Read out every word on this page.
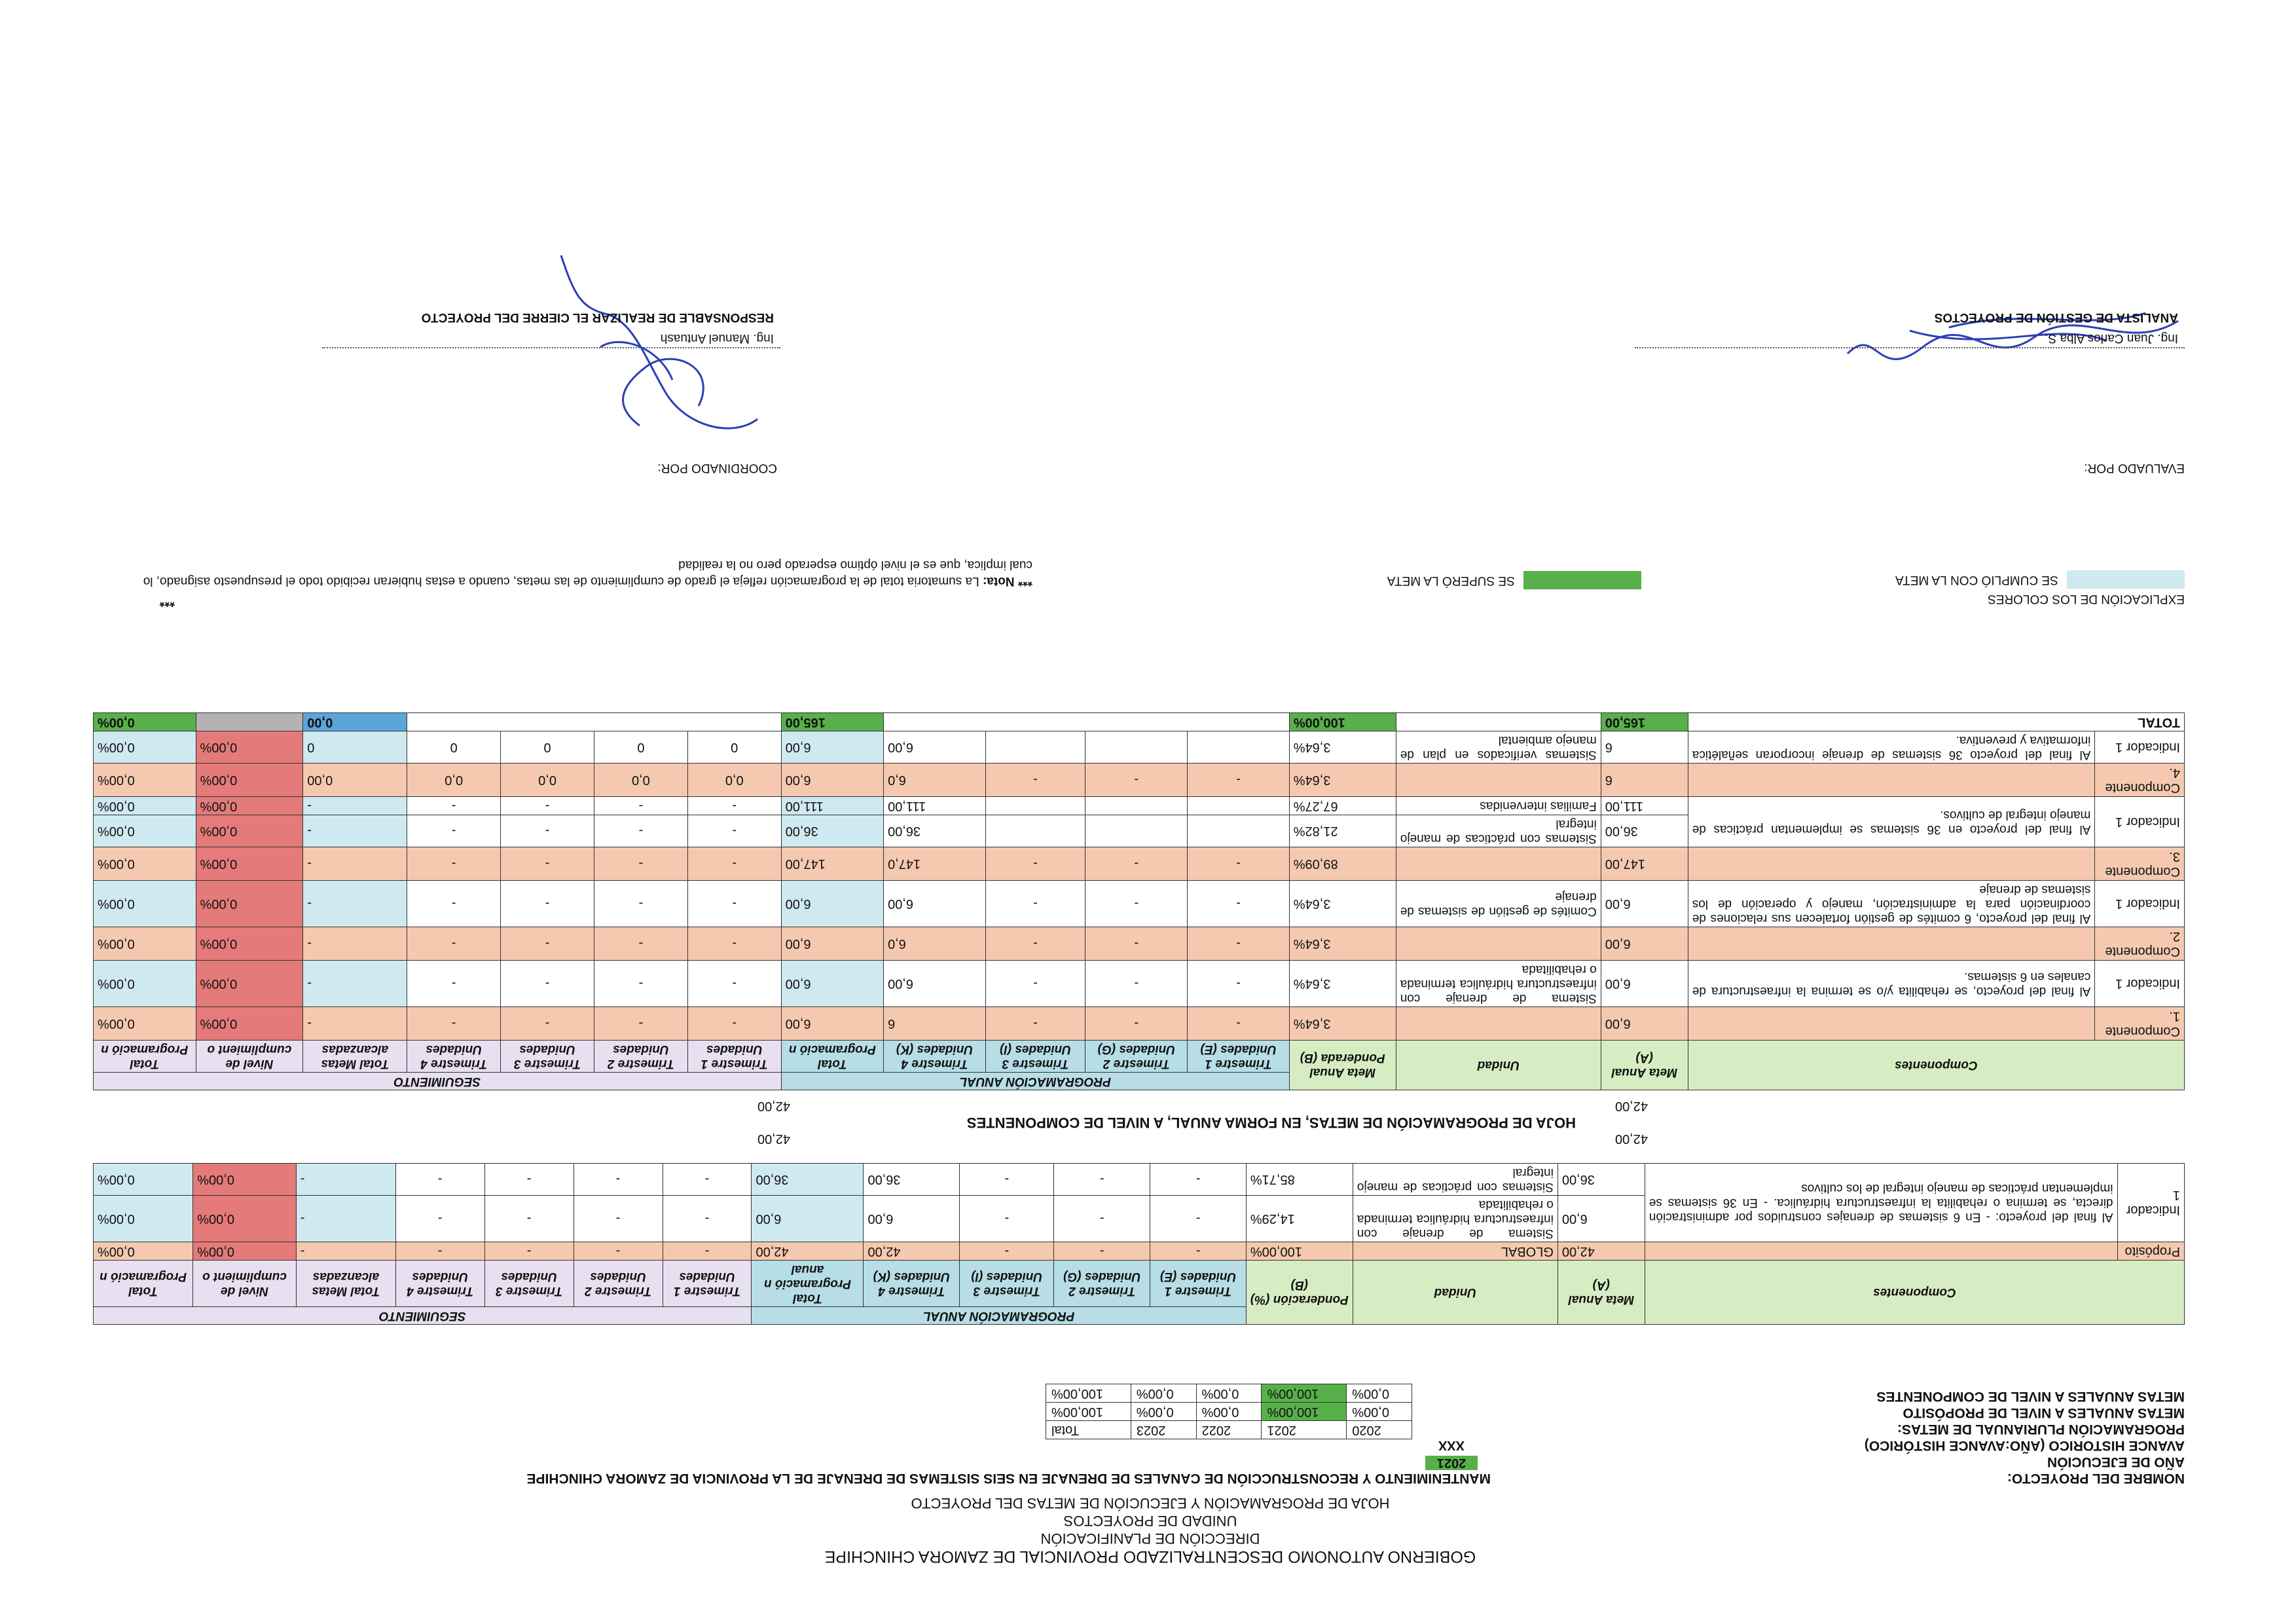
GOBIERNO AUTONOMO DESCENTRALIZADO PROVINCIAL DE ZAMORA CHINCHIPE
DIRECCIÓN DE PLANIFICACIÓN
UNIDAD DE PROYECTOS
HOJA DE PROGRAMACIÓN Y EJECUCIÓN DE METAS DEL PROYECTO
NOMBRE DEL PROYECTO:
AÑO DE EJECUCIÓN
AVANCE HISTORICO (AÑO:AVANCE HISTÓRICO)
PROGRAMACIÓN PLURIANUAL DE METAS:
METAS ANUALES A NIVEL DE PROPÓSITO
METAS ANUALES A NIVEL DE COMPONENTES
MANTENIMIENTO Y RECONSTRUCCIÓN DE CANALES DE DRENAJE EN SEIS SISTEMAS DE DRENAJE DE LA PROVINCIA DE ZAMORA CHINCHIPE
2021
XXX
2020	2021	2022	2023	Total
0,00%	100,00%	0,00%	0,00%	100,00%
0,00%	100,00%	0,00%	0,00%	100,00%
Componentes		Meta Anual (A)	Unidad	Ponderación (%) (B)	PROGRAMACIÓN ANUAL					SEGUIMIENTO						
					Trimestre 1 Unidades (E)	Trimestre 2 Unidades (G)	Trimestre 3 Unidades (I)	Trimestre 4 Unidades (K)	Total Programació n anual	Trimestre 1 Unidades	Trimestre 2 Unidades	Trimestre 3 Unidades	Trimestre 4 Unidades	Total Metas alcanzadas	Nivel de cumplimient o	Total Programació n
Propósito		42,00	GLOBAL	100,00%	-	-	-	42,00	42,00	-	-	-	-	-	0,00%	0,00%
Indicador 1	Al final del proyecto: - En 6 sistemas de drenajes construidos por administración directa, se termina o rehabilita la infraestructura hidráulica. - En 36 sistemas se implementan prácticas de manejo integral de los cultivos	6,00	Sistema de drenaje con infraestructura hidráulica terminada o rehabilitada	14,29%	-	-	-	6,00	6,00	-	-	-	-	-	0,00%	0,00%
		36,00	Sistemas con prácticas de manejo integral	85,71%	-	-	-	36,00	36,00	-	-	-	-	-	0,00%	0,00%
42,00
42,00
HOJA DE PROGRAMACIÓN DE METAS, EN FORMA ANUAL, A NIVEL DE COMPONENTES
42,00
42,00
Componentes		Meta Anual (A)	Unidad	Meta Anual Ponderada (B)	PROGRAMACIÓN ANUAL					SEGUIMIENTO						
					Trimestre 1 Unidades (E)	Trimestre 2 Unidades (G)	Trimestre 3 Unidades (I)	Trimestre 4 Unidades (K)	Total Programació n	Trimestre 1 Unidades	Trimestre 2 Unidades	Trimestre 3 Unidades	Trimestre 4 Unidades	Total Metas alcanzadas	Nivel de cumplimient o	Total Programació n
Componente 1.		6,00		3,64%	-	-	-	6	6,00	-	-	-	-	-	0,00%	0,00%
Indicador 1	Al final del proyecto, se rehabilita y/o se termina la infraestructura de canales en 6 sistemas.	6,00	Sistema de drenaje con infraestructura hidráulica terminada o rehabilitada	3,64%	-	-	-	6,00	6,00	-	-	-	-	-	0,00%	0,00%
Componente 2.		6,00		3,64%	-	-	-	6,0	6,00	-	-	-	-	-	0,00%	0,00%
Indicador 1	Al final del proyecto, 6 comités de gestión fortalecen sus relaciones de coordinación para la administración, manejo y operación de los sistemas de drenaje	6,00	Comités de gestión de sistemas de drenaje	3,64%	-	-	-	6,00	6,00	-	-	-	-	-	0,00%	0,00%
Componente 3.		147,00		89,09%	-	-	-	147,0	147,00	-	-	-	-	-	0,00%	0,00%
Indicador 1	Al final del proyecto en 36 sistemas se implementan prácticas de manejo integral de cultivos.	36,00	Sistemas con prácticas de manejo integral	21,82%				36,00	36,00	-	-	-	-	-	0,00%	0,00%
		111,00	Familias intervenidas	67,27%				111,00	111,00	-	-	-	-	-	0,00%	0,00%
Componente 4.		6		3,64%	-	-	-	6,0	6,00	0,0	0,0	0,0	0,0	0,00	0,00%	0,00%
Indicador 1	Al final del proyecto 36 sistemas de drenaje incorporan señalética informativa y preventiva.	6	Sistemas verificados en plan de manejo ambiental	3,64%				6,00	6,00	0	0	0	0	0	0,00%	0,00%
TOTAL		165,00		100,00%					165,00					0,00		0,00%
***	EXPLICACIÓN DE LOS COLORES
SE CUMPLIÓ CON LA META
SE SUPERÓ LA META
*** Nota: La sumatoria total de la programación refleja el grado de cumplimiento de las metas, cuando a estas hubieran recibido todo el presupuesto asignado, lo cual implica, que es el nivel óptimo esperado pero no la realidad
EVALUADO POR:
COORDINADO POR:
Ing. Juan Carlos Alba S.
ANALISTA DE GESTIÓN DE PROYECTOS
Ing. Manuel Antuash
RESPONSABLE DE REALIZAR EL CIERRE DEL PROYECTO
